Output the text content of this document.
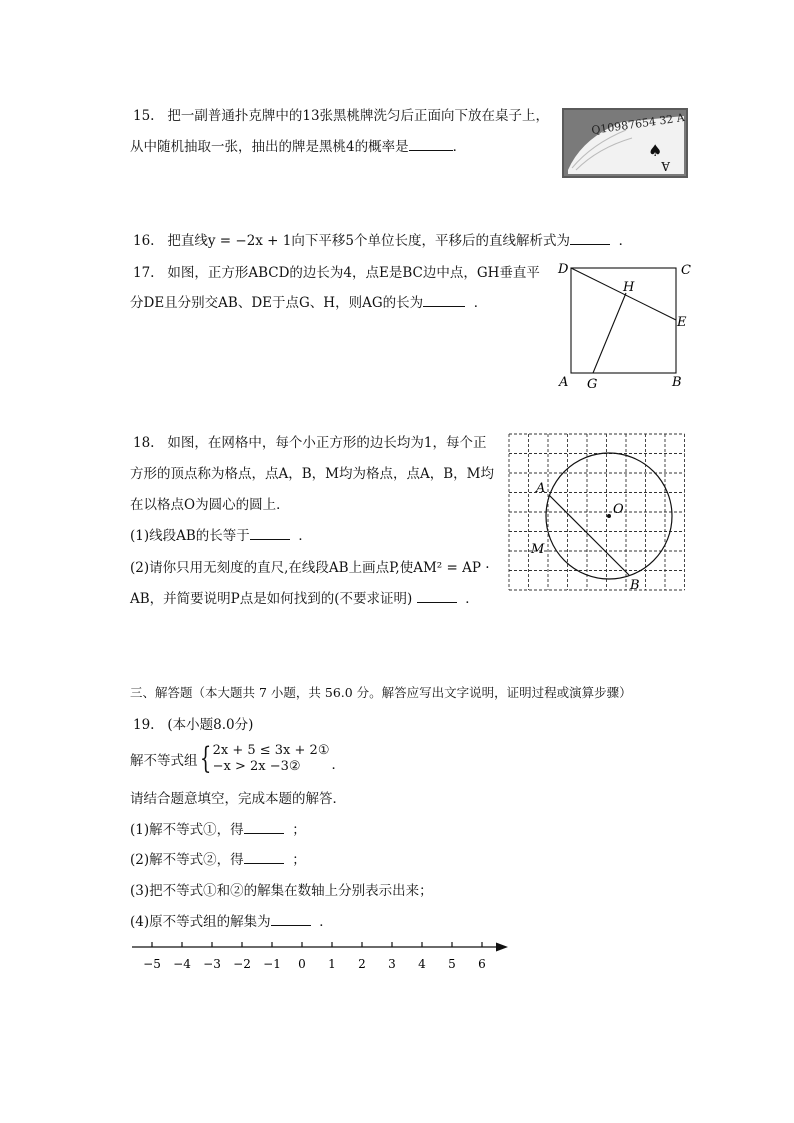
15. 把一副普通扑克牌中的13张黑桃牌洗匀后正面向下放在桌子上，
从中随机抽取一张，抽出的牌是黑桃4的概率是	．
Q10987654 32 A
♠
A
16. 把直线y = −2x + 1向下平移5个单位长度，平移后的直线解析式为	．
17. 如图，正方形ABCD的边长为4，点E是BC边中点，GH垂直平
分DE且分别交AB、DE于点G、H，则AG的长为	．
D	C
E
H
A G	B
18. 如图，在网格中，每个小正方形的边长均为1，每个正
方形的顶点称为格点，点A，B，M均为格点，点A，B，M均
在以格点O为圆心的圆上．
(1)线段AB的长等于	．
(2)请你只用无刻度的直尺,在线段AB上画点P,使AM² = AP ·
AB，并简要说明P点是如何找到的(不要求证明)	．
A
O
M
B
三、解答题（本大题共 7 小题，共 56.0 分。解答应写出文字说明，证明过程或演算步骤）
19. (本小题8.0分)
解不等式组{ 2x + 5 ≤ 3x + 2①
−x > 2x −3②	．
请结合题意填空，完成本题的解答．
(1)解不等式①，得	；
(2)解不等式②，得	；
(3)把不等式①和②的解集在数轴上分别表示出来；
(4)原不等式组的解集为	．
−5 −4 −3 −2 −1 0 1 2 3 4 5 6
